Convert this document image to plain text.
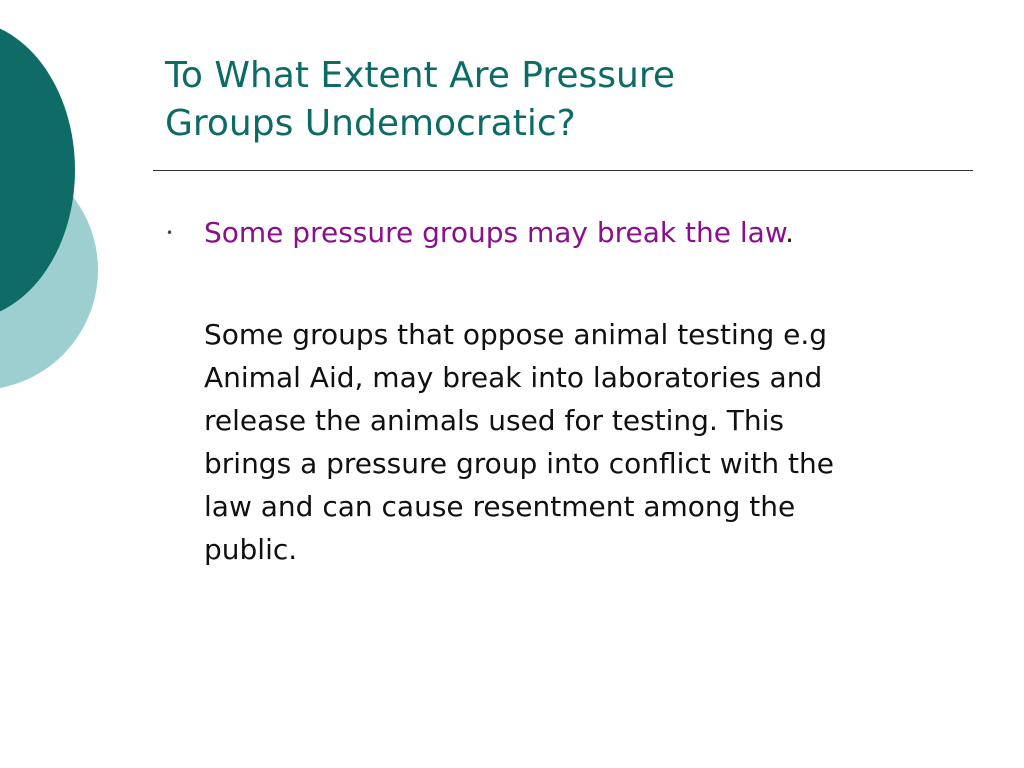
To What Extent Are Pressure
Groups Undemocratic?
• Some pressure groups may break the law.

Some groups that oppose animal testing e.g
Animal Aid, may break into laboratories and
release the animals used for testing. This
brings a pressure group into conflict with the
law and can cause resentment among the
public.
